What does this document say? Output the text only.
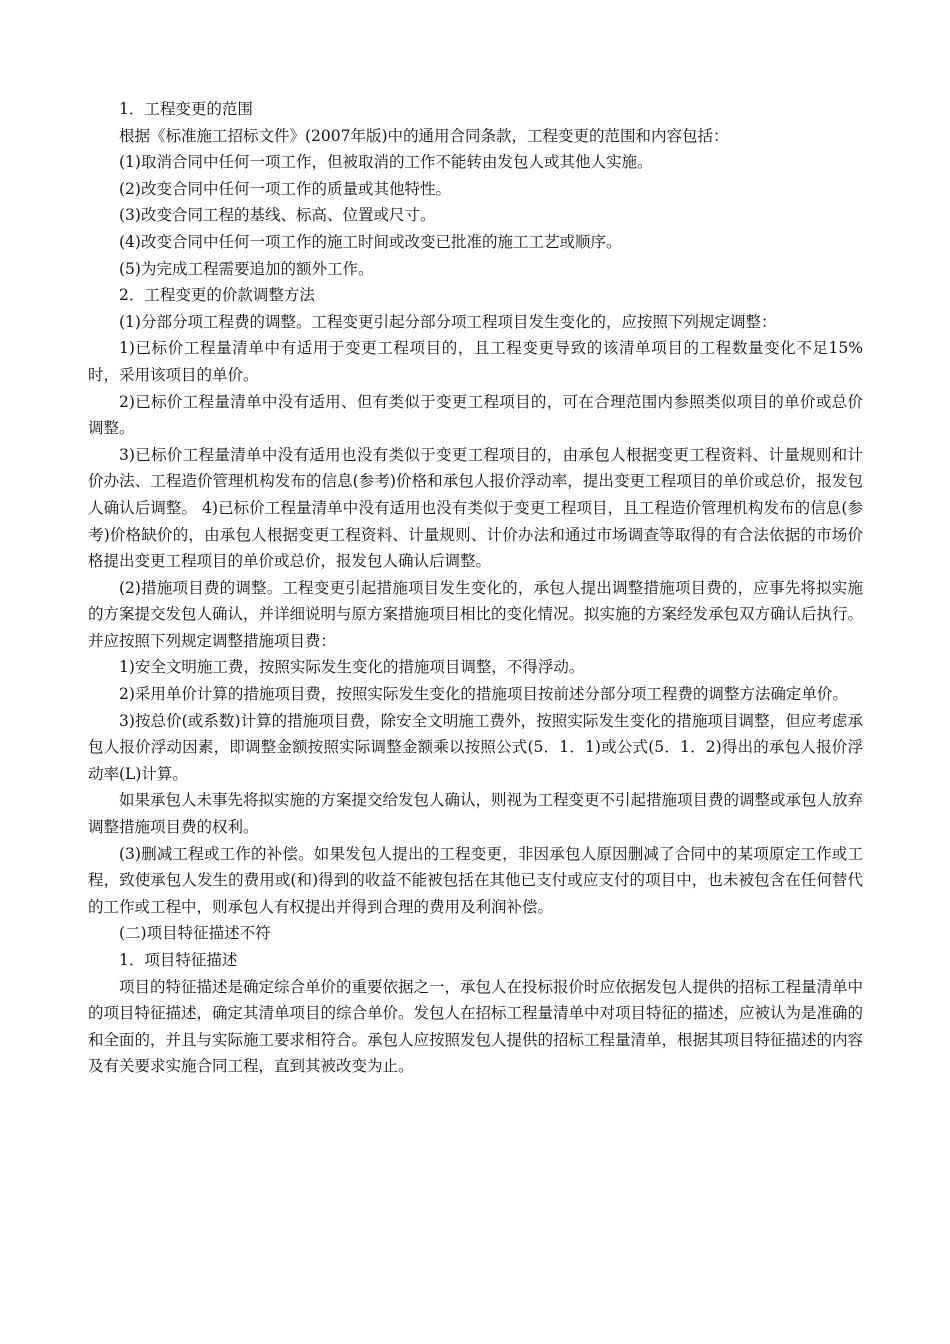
1．工程变更的范围

根据《标准施工招标文件》(2007年版)中的通用合同条款，工程变更的范围和内容包括：

(1)取消合同中任何一项工作，但被取消的工作不能转由发包人或其他人实施。

(2)改变合同中任何一项工作的质量或其他特性。

(3)改变合同工程的基线、标高、位置或尺寸。

(4)改变合同中任何一项工作的施工时间或改变已批准的施工工艺或顺序。

(5)为完成工程需要追加的额外工作。

2．工程变更的价款调整方法

(1)分部分项工程费的调整。工程变更引起分部分项工程项目发生变化的，应按照下列规定调整：

1)已标价工程量清单中有适用于变更工程项目的，且工程变更导致的该清单项目的工程数量变化不足15%时，采用该项目的单价。

2)已标价工程量清单中没有适用、但有类似于变更工程项目的，可在合理范围内参照类似项目的单价或总价调整。

3)已标价工程量清单中没有适用也没有类似于变更工程项目的，由承包人根据变更工程资料、计量规则和计价办法、工程造价管理机构发布的信息(参考)价格和承包人报价浮动率，提出变更工程项目的单价或总价，报发包人确认后调整。 4)已标价工程量清单中没有适用也没有类似于变更工程项目，且工程造价管理机构发布的信息(参考)价格缺价的，由承包人根据变更工程资料、计量规则、计价办法和通过市场调查等取得的有合法依据的市场价格提出变更工程项目的单价或总价，报发包人确认后调整。

(2)措施项目费的调整。工程变更引起措施项目发生变化的，承包人提出调整措施项目费的，应事先将拟实施的方案提交发包人确认，并详细说明与原方案措施项目相比的变化情况。拟实施的方案经发承包双方确认后执行。并应按照下列规定调整措施项目费：

1)安全文明施工费，按照实际发生变化的措施项目调整，不得浮动。

2)采用单价计算的措施项目费，按照实际发生变化的措施项目按前述分部分项工程费的调整方法确定单价。

3)按总价(或系数)计算的措施项目费，除安全文明施工费外，按照实际发生变化的措施项目调整，但应考虑承包人报价浮动因素，即调整金额按照实际调整金额乘以按照公式(5．1．1)或公式(5．1．2)得出的承包人报价浮动率(L)计算。

如果承包人未事先将拟实施的方案提交给发包人确认，则视为工程变更不引起措施项目费的调整或承包人放弃调整措施项目费的权利。

(3)删减工程或工作的补偿。如果发包人提出的工程变更，非因承包人原因删减了合同中的某项原定工作或工程，致使承包人发生的费用或(和)得到的收益不能被包括在其他已支付或应支付的项目中，也未被包含在任何替代的工作或工程中，则承包人有权提出并得到合理的费用及利润补偿。

(二)项目特征描述不符

1．项目特征描述

项目的特征描述是确定综合单价的重要依据之一，承包人在投标报价时应依据发包人提供的招标工程量清单中的项目特征描述，确定其清单项目的综合单价。发包人在招标工程量清单中对项目特征的描述，应被认为是准确的和全面的，并且与实际施工要求相符合。承包人应按照发包人提供的招标工程量清单，根据其项目特征描述的内容及有关要求实施合同工程，直到其被改变为止。
